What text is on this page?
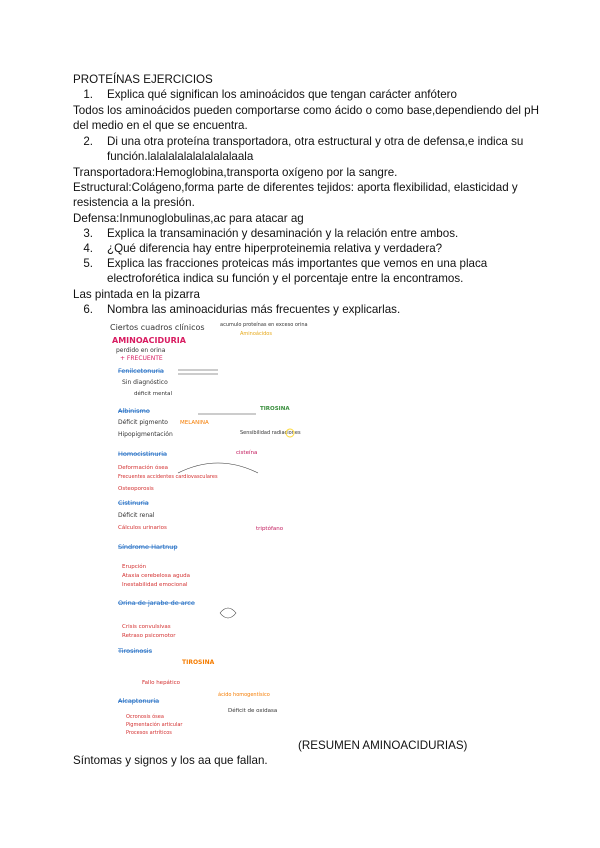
PROTEÍNAS EJERCICIOS
1. Explica qué significan los aminoácidos que tengan carácter anfótero
Todos los aminoácidos pueden comportarse como ácido o como base,dependiendo del pH
del medio en el que se encuentra.
2. Di una otra proteína transportadora, otra estructural y otra de defensa,e indica su
función.lalalalalalalalalalaala
Transportadora:Hemoglobina,transporta oxígeno por la sangre.
Estructural:Colágeno,forma parte de diferentes tejidos: aporta flexibilidad, elasticidad y
resistencia a la presión.
Defensa:Inmunoglobulinas,ac para atacar ag
3. Explica la transaminación y desaminación y la relación entre ambos.
4. ¿Qué diferencia hay entre hiperproteinemia relativa y verdadera?
5. Explica las fracciones proteicas más importantes que vemos en una placa
electroforética indica su función y el porcentaje entre la encontramos.
Las pintada en la pizarra
6. Nombra las aminoacidurias más frecuentes y explicarlas.
Ciertos cuadros clínicos	acumulo proteínas en exceso orina
Aminoácidos
AMINOACIDURIA
perdido en orina
+ FRECUENTE
Fenilcetonuria
Sin diagnóstico
déficit mental
Albinismo	TIROSINA
Déficit pigmento MELANINA
Hipopigmentación	Sensibilidad radiaciones
Homocistinuria	cisteína
Deformación ósea
Frecuentes accidentes cardiovasculares
Osteoporosis
Cistinuria
Déficit renal
Cálculos urinarios
Síndrome Hartnup
triptófano
Erupción
Ataxia cerebelosa aguda
Inestabilidad emocional
Orina de jarabe de arce
Crisis convulsivas
Retraso psicomotor
Tirosinosis
TIROSINA
Fallo hepático
Alcaptonuria
ácido homogentísico
Déficit de oxidasa
Ocronosis ósea
Pigmentación articular
Procesos artríticos
(RESUMEN AMINOACIDURIAS)
Síntomas y signos y los aa que fallan.
